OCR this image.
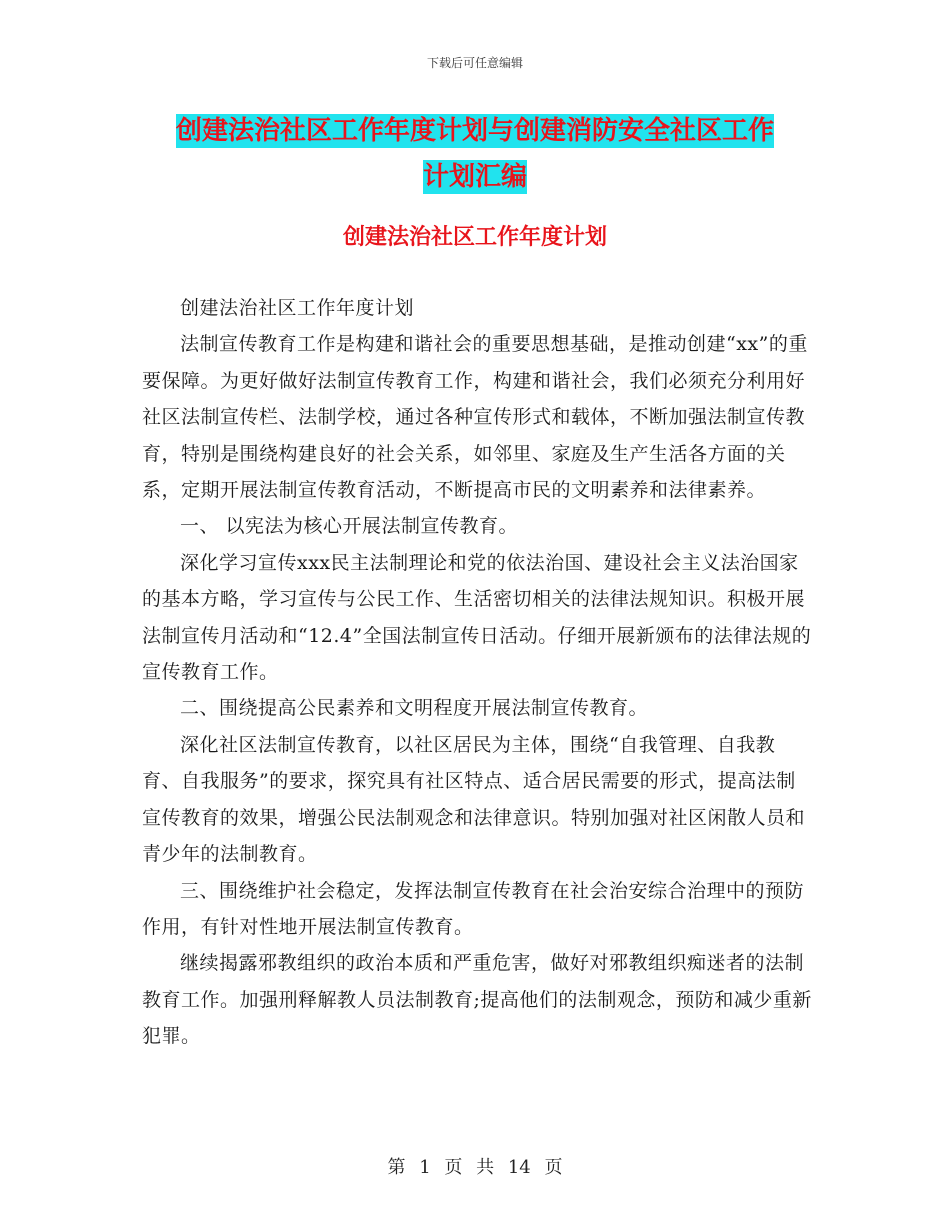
下载后可任意编辑
创建法治社区工作年度计划与创建消防安全社区工作
计划汇编
创建法治社区工作年度计划

创建法治社区工作年度计划

法制宣传教育工作是构建和谐社会的重要思想基础，是推动创建“xx”的重要保障。为更好做好法制宣传教育工作，构建和谐社会，我们必须充分利用好社区法制宣传栏、法制学校，通过各种宣传形式和载体，不断加强法制宣传教育，特别是围绕构建良好的社会关系，如邻里、家庭及生产生活各方面的关系，定期开展法制宣传教育活动，不断提高市民的文明素养和法律素养。

一、 以宪法为核心开展法制宣传教育。

深化学习宣传xxx民主法制理论和党的依法治国、建设社会主义法治国家的基本方略，学习宣传与公民工作、生活密切相关的法律法规知识。积极开展法制宣传月活动和“12.4”全国法制宣传日活动。仔细开展新颁布的法律法规的宣传教育工作。

二、围绕提高公民素养和文明程度开展法制宣传教育。

深化社区法制宣传教育，以社区居民为主体，围绕“自我管理、自我教育、自我服务”的要求，探究具有社区特点、适合居民需要的形式，提高法制宣传教育的效果，增强公民法制观念和法律意识。特别加强对社区闲散人员和青少年的法制教育。

三、围绕维护社会稳定，发挥法制宣传教育在社会治安综合治理中的预防作用，有针对性地开展法制宣传教育。

继续揭露邪教组织的政治本质和严重危害，做好对邪教组织痴迷者的法制教育工作。加强刑释解教人员法制教育;提高他们的法制观念，预防和减少重新犯罪。

第 1 页 共 14 页
